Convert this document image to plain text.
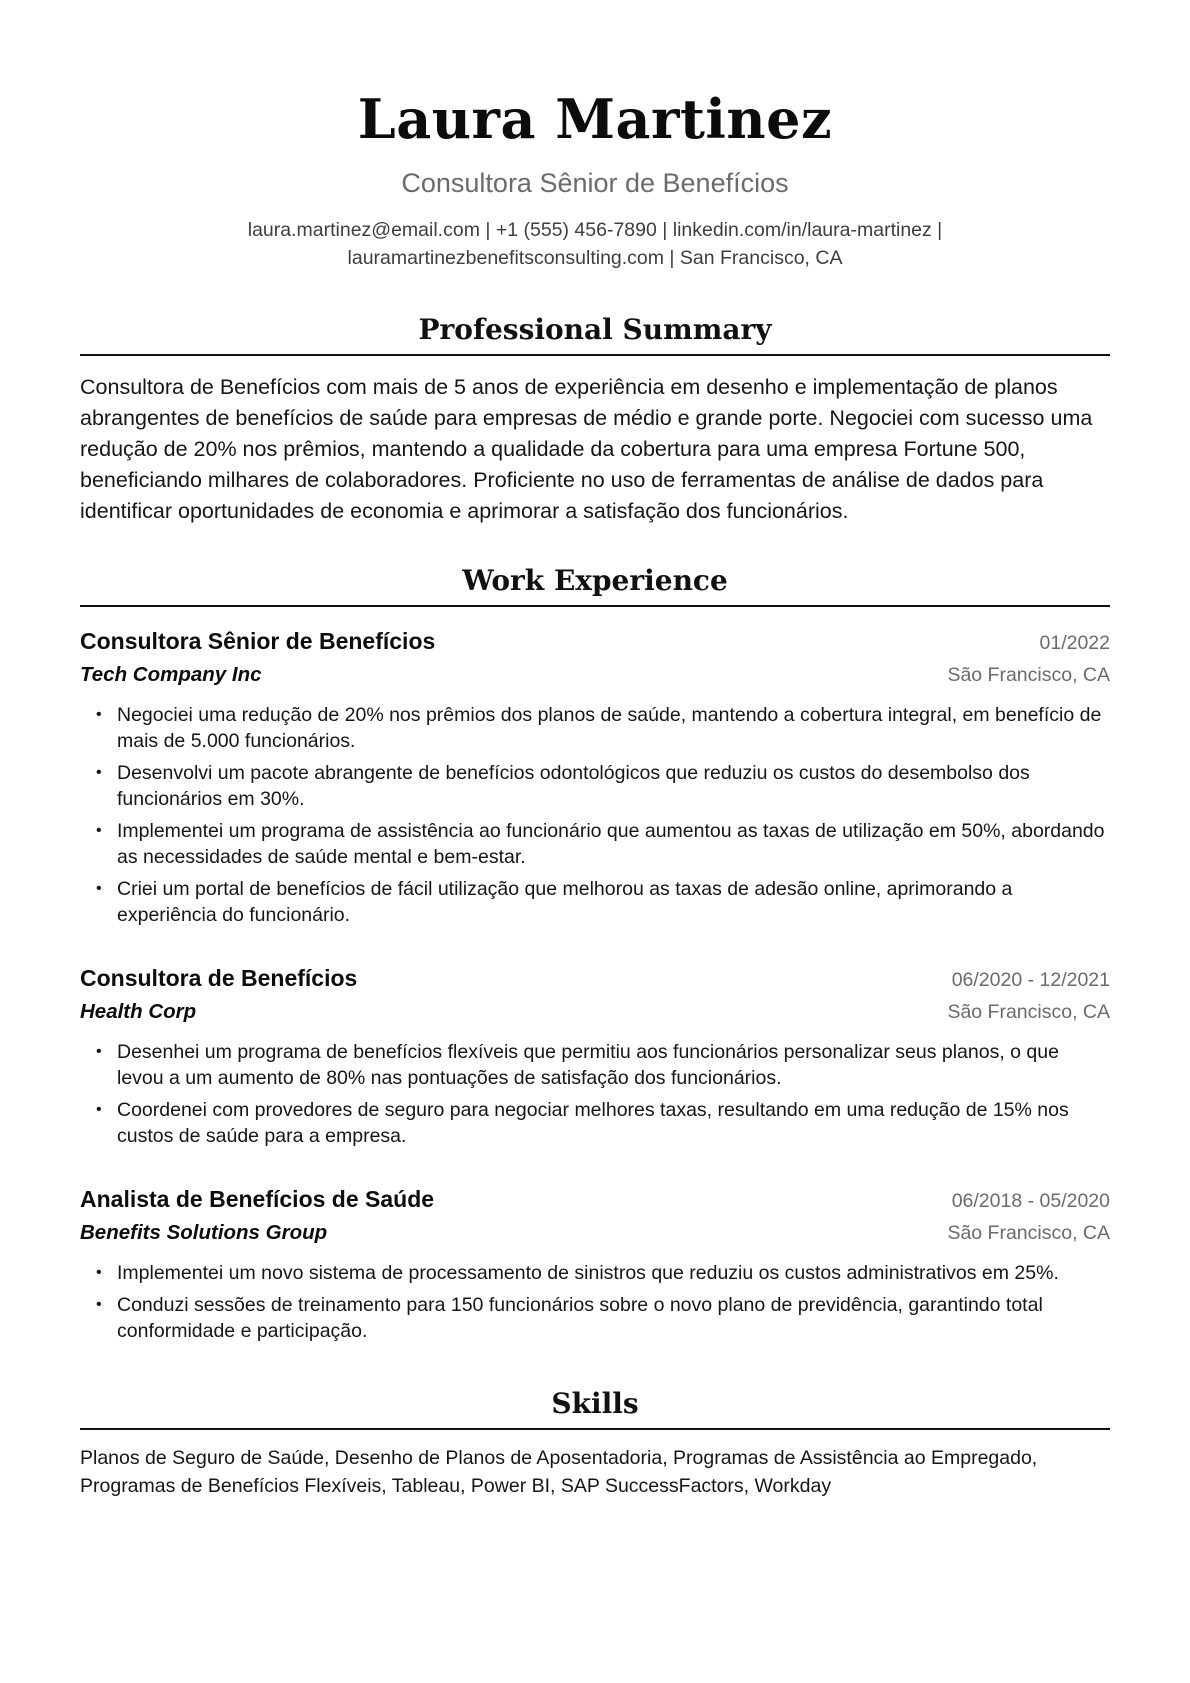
Laura Martinez
Consultora Sênior de Benefícios
laura.martinez@email.com | +1 (555) 456-7890 | linkedin.com/in/laura-martinez |
lauramartinezbenefitsconsulting.com | San Francisco, CA
Professional Summary
Consultora de Benefícios com mais de 5 anos de experiência em desenho e implementação de planos abrangentes de benefícios de saúde para empresas de médio e grande porte. Negociei com sucesso uma redução de 20% nos prêmios, mantendo a qualidade da cobertura para uma empresa Fortune 500, beneficiando milhares de colaboradores. Proficiente no uso de ferramentas de análise de dados para identificar oportunidades de economia e aprimorar a satisfação dos funcionários.
Work Experience
Consultora Sênior de Benefícios	01/2022
Tech Company Inc	São Francisco, CA
• Negociei uma redução de 20% nos prêmios dos planos de saúde, mantendo a cobertura integral, em benefício de mais de 5.000 funcionários.
• Desenvolvi um pacote abrangente de benefícios odontológicos que reduziu os custos do desembolso dos funcionários em 30%.
• Implementei um programa de assistência ao funcionário que aumentou as taxas de utilização em 50%, abordando as necessidades de saúde mental e bem-estar.
• Criei um portal de benefícios de fácil utilização que melhorou as taxas de adesão online, aprimorando a experiência do funcionário.
Consultora de Benefícios	06/2020 - 12/2021
Health Corp	São Francisco, CA
• Desenhei um programa de benefícios flexíveis que permitiu aos funcionários personalizar seus planos, o que levou a um aumento de 80% nas pontuações de satisfação dos funcionários.
• Coordenei com provedores de seguro para negociar melhores taxas, resultando em uma redução de 15% nos custos de saúde para a empresa.
Analista de Benefícios de Saúde	06/2018 - 05/2020
Benefits Solutions Group	São Francisco, CA
• Implementei um novo sistema de processamento de sinistros que reduziu os custos administrativos em 25%.
• Conduzi sessões de treinamento para 150 funcionários sobre o novo plano de previdência, garantindo total conformidade e participação.
Skills
Planos de Seguro de Saúde, Desenho de Planos de Aposentadoria, Programas de Assistência ao Empregado, Programas de Benefícios Flexíveis, Tableau, Power BI, SAP SuccessFactors, Workday
